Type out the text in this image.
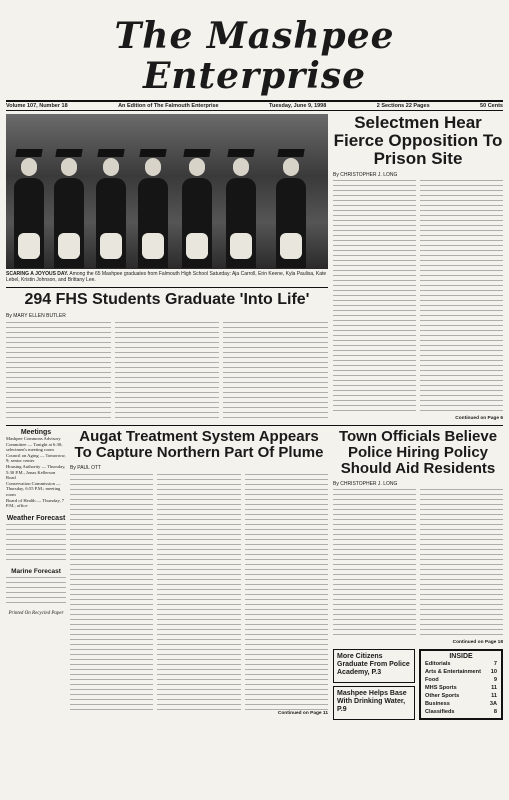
The Mashpee Enterprise
Volume 107, Number 18	An Edition of The Falmouth Enterprise	Tuesday, June 9, 1998	2 Sections 22 Pages	50 Cents
SCARING A JOYOUS DAY. Among the 65 Mashpee graduates from Falmouth High School Saturday: Aja Carroll, Erin Keene, Kyla Paulisa, Kate Lebel, Kristin Johnson, and Brittany Lee.
294 FHS Students Graduate 'Into Life'
By MARY ELLEN BUTLER
Selectmen Hear Fierce Opposition To Prison Site
By CHRISTOPHER J. LONG
Continued on Page 6
Meetings
Mashpee Commons Advisory Committee — Tonight at 6:30; selectmen's meeting room
Council on Aging — Tomorrow, 9; senior center
Housing Authority — Thursday, 5:30 P.M., Jonas Kellerson Road
Conservation Commission — Thursday, 6:55 P.M.; meeting room
Board of Health — Thursday, 7 P.M.; office
Weather Forecast
Marine Forecast
Printed On Recycled Paper
Augat Treatment System Appears To Capture Northern Part Of Plume
By PAUL OTT
Continued on Page 11
Town Officials Believe Police Hiring Policy Should Aid Residents
By CHRISTOPHER J. LONG
Continued on Page 18
More Citizens Graduate From Police Academy, P.3
Mashpee Helps Base With Drinking Water, P.9
INSIDE
Editorials	7
Arts & Entertainment 10
Food	9
MHS Sports	11
Other Sports	11
Business	3A
Classifieds	8
